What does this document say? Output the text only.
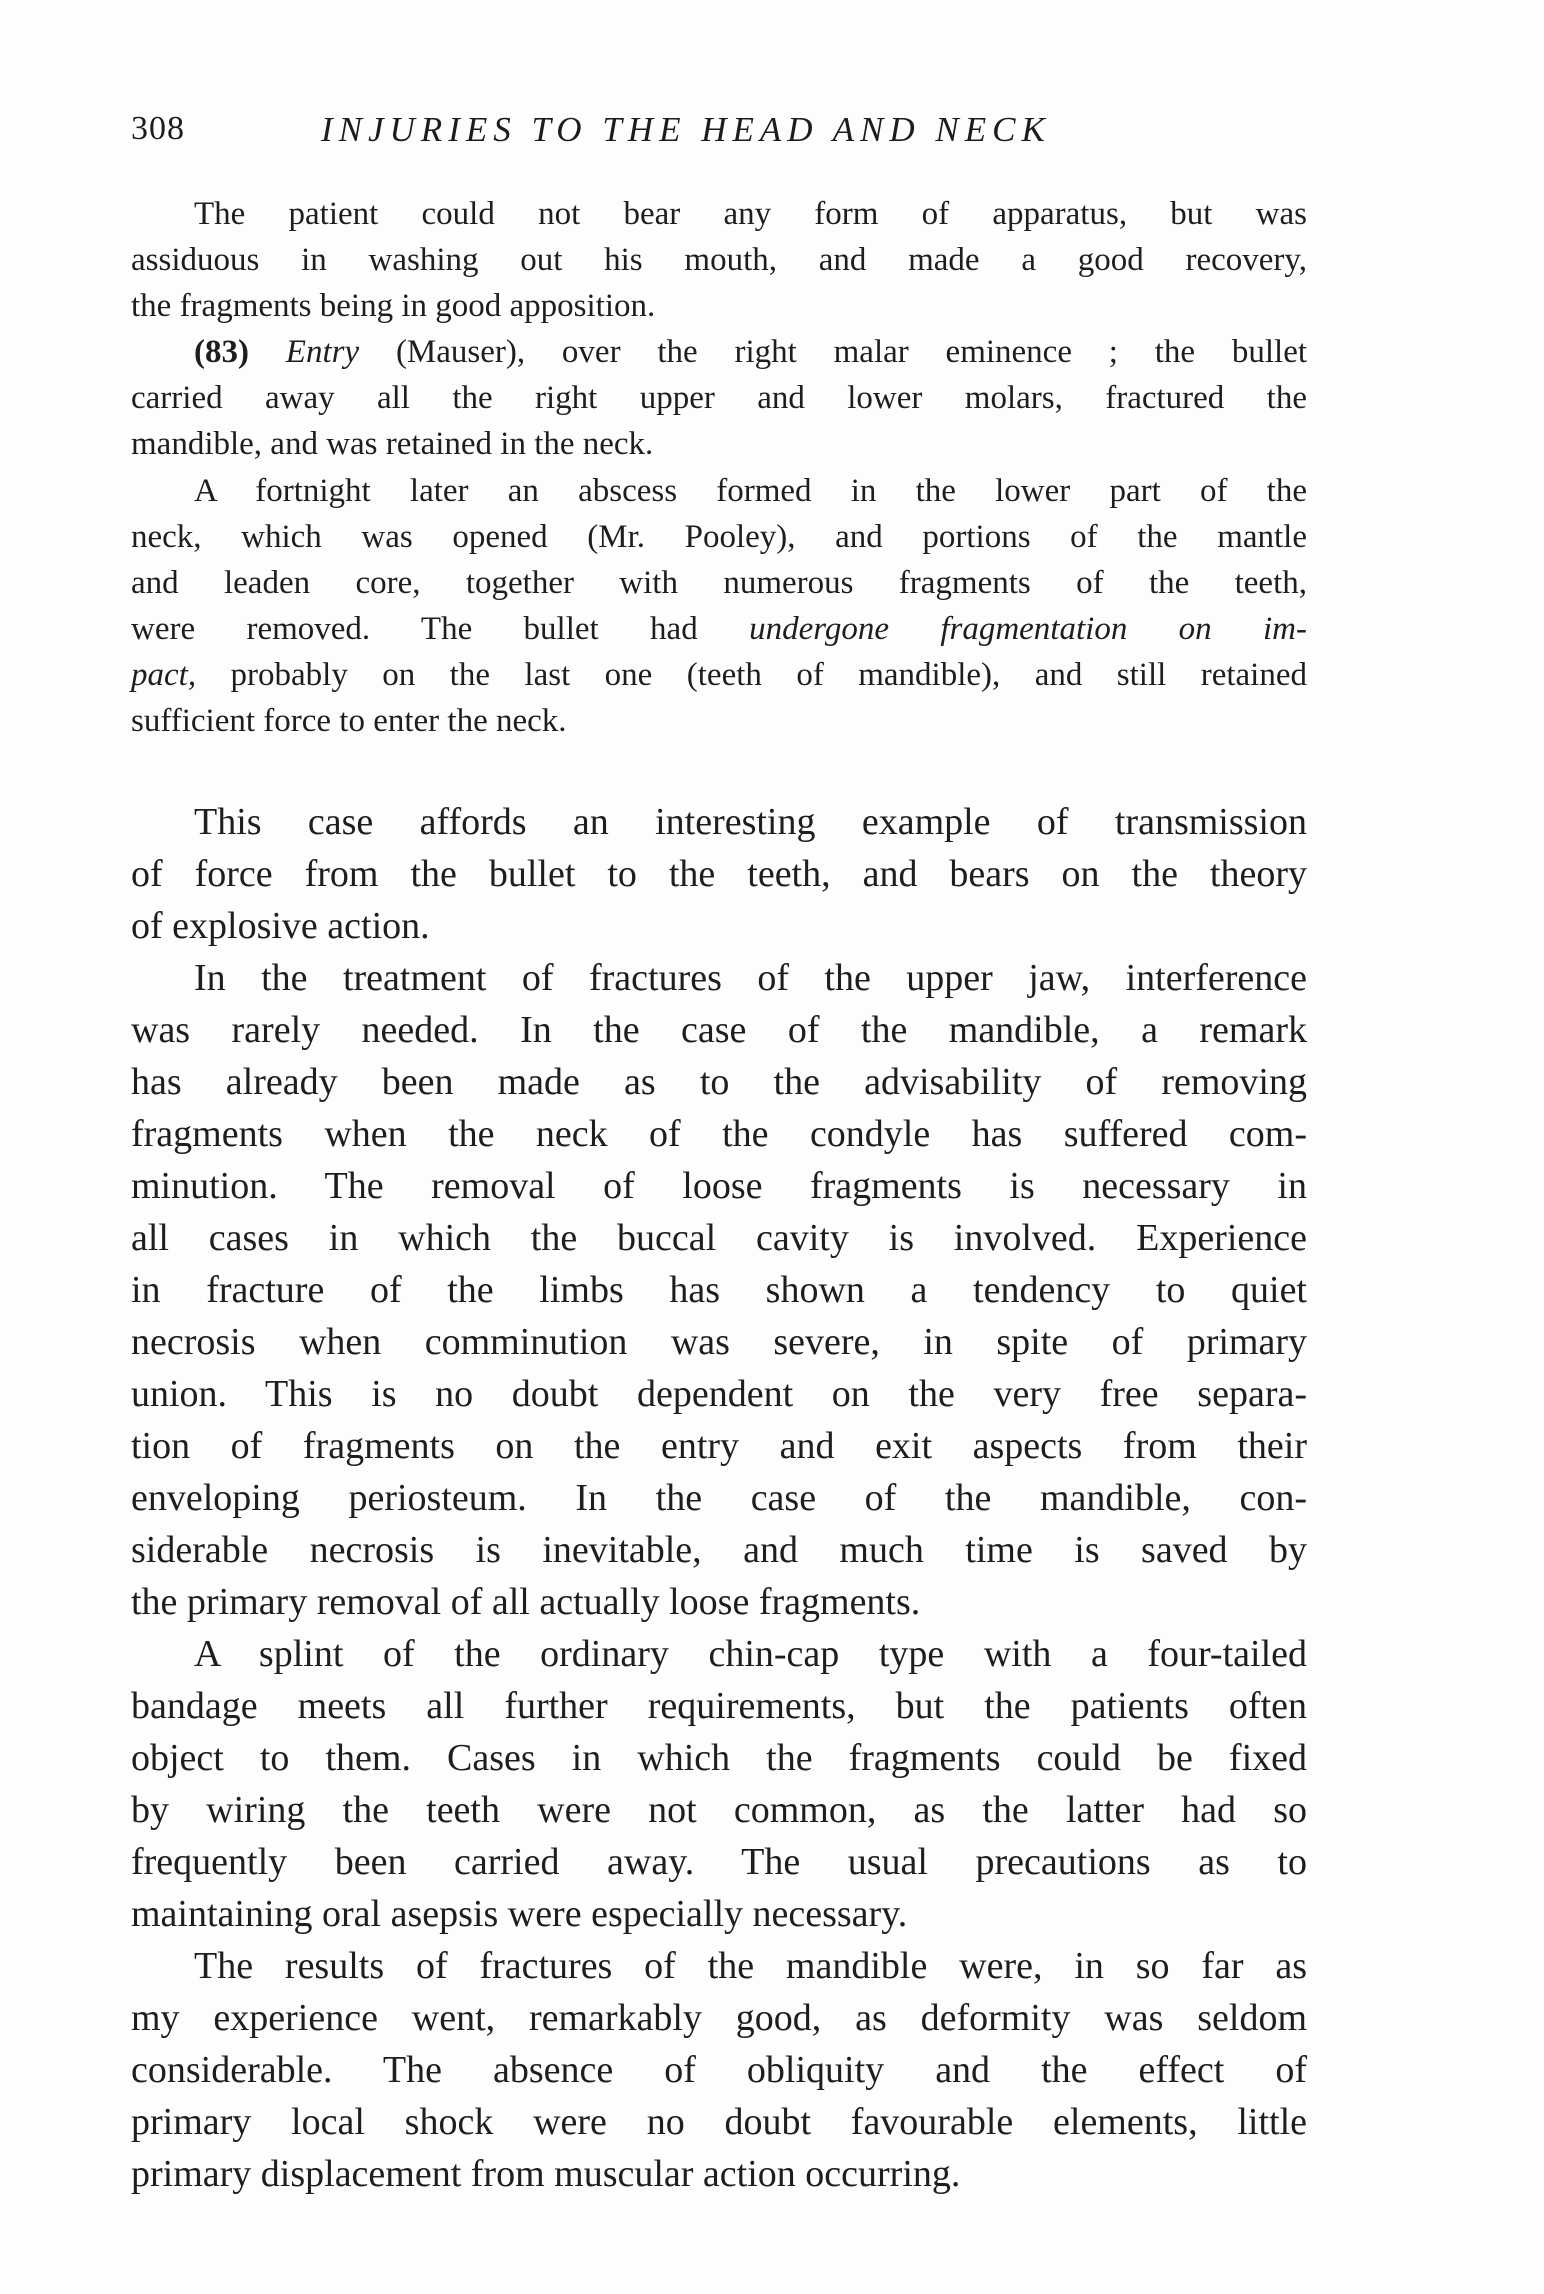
308	INJURIES TO THE HEAD AND NECK
The patient could not bear any form of apparatus, but was
assiduous in washing out his mouth, and made a good recovery,
the fragments being in good apposition.
(83) Entry (Mauser), over the right malar eminence ; the bullet
carried away all the right upper and lower molars, fractured the
mandible, and was retained in the neck.
A fortnight later an abscess formed in the lower part of the
neck, which was opened (Mr. Pooley), and portions of the mantle
and leaden core, together with numerous fragments of the teeth,
were removed. The bullet had undergone fragmentation on im-
pact, probably on the last one (teeth of mandible), and still retained
sufficient force to enter the neck.
This case affords an interesting example of transmission
of force from the bullet to the teeth, and bears on the theory
of explosive action.
In the treatment of fractures of the upper jaw, interference
was rarely needed. In the case of the mandible, a remark
has already been made as to the advisability of removing
fragments when the neck of the condyle has suffered com-
minution. The removal of loose fragments is necessary in
all cases in which the buccal cavity is involved. Experience
in fracture of the limbs has shown a tendency to quiet
necrosis when comminution was severe, in spite of primary
union. This is no doubt dependent on the very free separa-
tion of fragments on the entry and exit aspects from their
enveloping periosteum. In the case of the mandible, con-
siderable necrosis is inevitable, and much time is saved by
the primary removal of all actually loose fragments.
A splint of the ordinary chin-cap type with a four-tailed
bandage meets all further requirements, but the patients often
object to them. Cases in which the fragments could be fixed
by wiring the teeth were not common, as the latter had so
frequently been carried away. The usual precautions as to
maintaining oral asepsis were especially necessary.
The results of fractures of the mandible were, in so far as
my experience went, remarkably good, as deformity was seldom
considerable. The absence of obliquity and the effect of
primary local shock were no doubt favourable elements, little
primary displacement from muscular action occurring.
